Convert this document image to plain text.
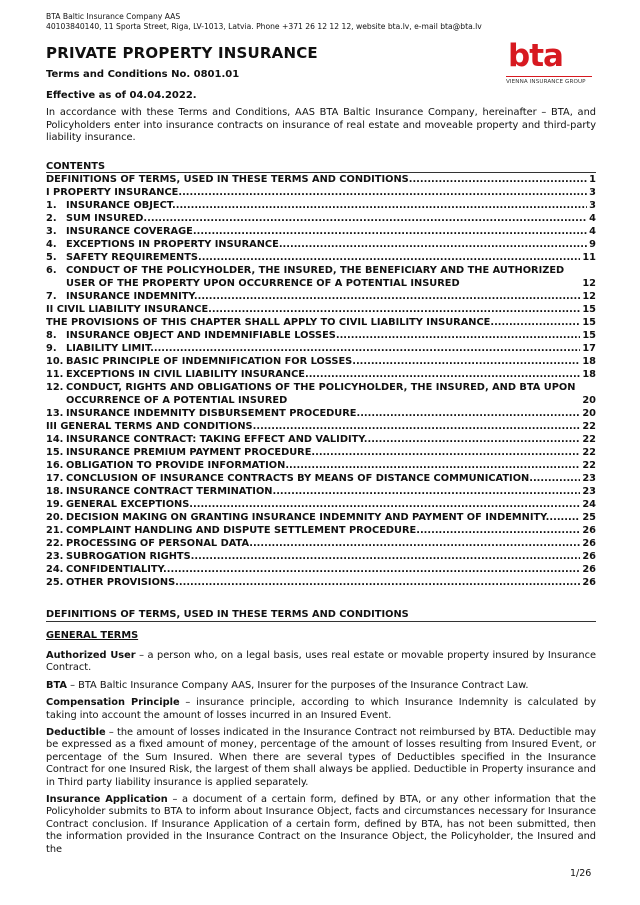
BTA Baltic Insurance Company AAS
40103840140, 11 Sporta Street, Riga, LV-1013, Latvia. Phone +371 26 12 12 12, website bta.lv, e-mail bta@bta.lv
PRIVATE PROPERTY INSURANCE
Terms and Conditions No. 0801.01
Effective as of 04.04.2022.
bta
VIENNA INSURANCE GROUP
In accordance with these Terms and Conditions, AAS BTA Baltic Insurance Company, hereinafter – BTA, and Policyholders enter into insurance contracts on insurance of real estate and moveable property and third-party liability insurance.
CONTENTS
DEFINITIONS OF TERMS, USED IN THESE TERMS AND CONDITIONS .....	1
I PROPERTY INSURANCE .....	3
1. INSURANCE OBJECT .....	3
2. SUM INSURED .....	4
3. INSURANCE COVERAGE .....	4
4. EXCEPTIONS IN PROPERTY INSURANCE .....	9
5. SAFETY REQUIREMENTS .....	11
6. CONDUCT OF THE POLICYHOLDER, THE INSURED, THE BENEFICIARY AND THE AUTHORIZED USER OF THE PROPERTY UPON OCCURRENCE OF A POTENTIAL INSURED	12
7. INSURANCE INDEMNITY .....	12
II CIVIL LIABILITY INSURANCE .....	15
THE PROVISIONS OF THIS CHAPTER SHALL APPLY TO CIVIL LIABILITY INSURANCE. .....	15
8. INSURANCE OBJECT AND INDEMNIFIABLE LOSSES .....	15
9. LIABILITY LIMIT .....	17
10. BASIC PRINCIPLE OF INDEMNIFICATION FOR LOSSES .....	18
11. EXCEPTIONS IN CIVIL LIABILITY INSURANCE .....	18
12. CONDUCT, RIGHTS AND OBLIGATIONS OF THE POLICYHOLDER, THE INSURED, AND BTA UPON OCCURRENCE OF A POTENTIAL INSURED	20
13. INSURANCE INDEMNITY DISBURSEMENT PROCEDURE .....	20
III GENERAL TERMS AND CONDITIONS .....	22
14. INSURANCE CONTRACT: TAKING EFFECT AND VALIDITY .....	22
15. INSURANCE PREMIUM PAYMENT PROCEDURE .....	22
16. OBLIGATION TO PROVIDE INFORMATION .....	22
17. CONCLUSION OF INSURANCE CONTRACTS BY MEANS OF DISTANCE COMMUNICATION .....	23
18. INSURANCE CONTRACT TERMINATION .....	23
19. GENERAL EXCEPTIONS .....	24
20. DECISION MAKING ON GRANTING INSURANCE INDEMNITY AND PAYMENT OF INDEMNITY .....	25
21. COMPLAINT HANDLING AND DISPUTE SETTLEMENT PROCEDURE .....	26
22. PROCESSING OF PERSONAL DATA .....	26
23. SUBROGATION RIGHTS .....	26
24. CONFIDENTIALITY .....	26
25. OTHER PROVISIONS .....	26
DEFINITIONS OF TERMS, USED IN THESE TERMS AND CONDITIONS
GENERAL TERMS

Authorized User – a person who, on a legal basis, uses real estate or movable property insured by Insurance Contract.

BTA – BTA Baltic Insurance Company AAS, Insurer for the purposes of the Insurance Contract Law.

Compensation Principle – insurance principle, according to which Insurance Indemnity is calculated by taking into account the amount of losses incurred in an Insured Event.

Deductible – the amount of losses indicated in the Insurance Contract not reimbursed by BTA. Deductible may be expressed as a fixed amount of money, percentage of the amount of losses resulting from Insured Event, or percentage of the Sum Insured. When there are several types of Deductibles specified in the Insurance Contract for one Insured Risk, the largest of them shall always be applied. Deductible in Property insurance and in Third party liability insurance is applied separately.

Insurance Application – a document of a certain form, defined by BTA, or any other information that the Policyholder submits to BTA to inform about Insurance Object, facts and circumstances necessary for Insurance Contract conclusion. If Insurance Application of a certain form, defined by BTA, has not been submitted, then the information provided in the Insurance Contract on the Insurance Object, the Policyholder, the Insured and the

1/26
